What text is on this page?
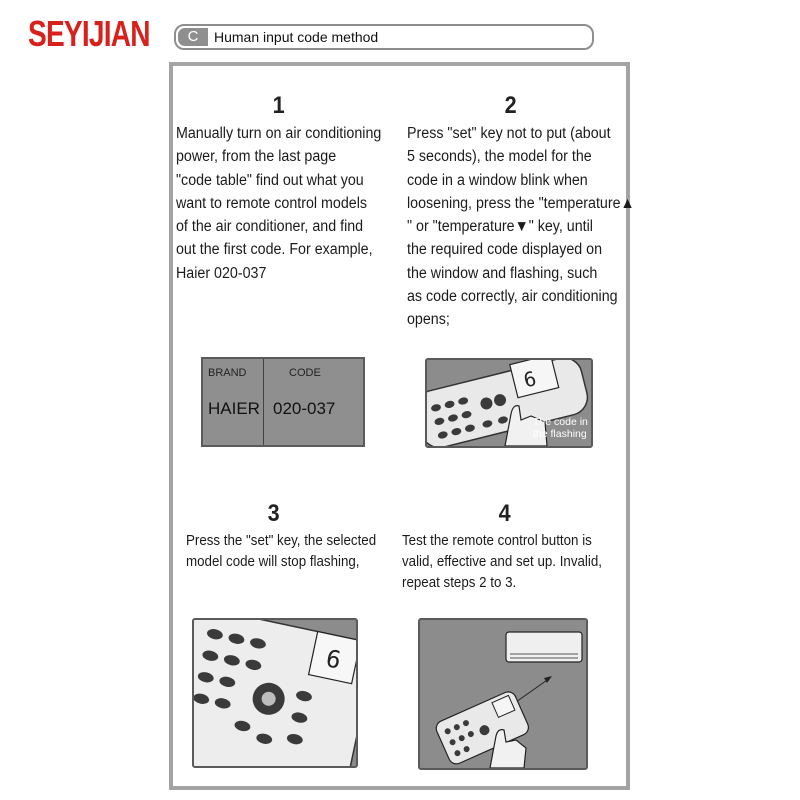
SEYIJIAN	C	Human input code method
1
Manually turn on air conditioning
power, from the last page
"code table" find out what you
want to remote control models
of the air conditioner, and find
out the first code. For example,
Haier 020-037
2
Press "set" key not to put (about
5 seconds), the model for the
code in a window blink when
loosening, press the "temperature▲
" or "temperature▼" key, until
the required code displayed on
the window and flashing, such
as code correctly, air conditioning
opens;
BRAND	CODE
HAIER 020-037
6
The code in
the flashing
3
Press the "set" key, the selected
model code will stop flashing,
4
Test the remote control button is
valid, effective and set up. Invalid,
repeat steps 2 to 3.
6
